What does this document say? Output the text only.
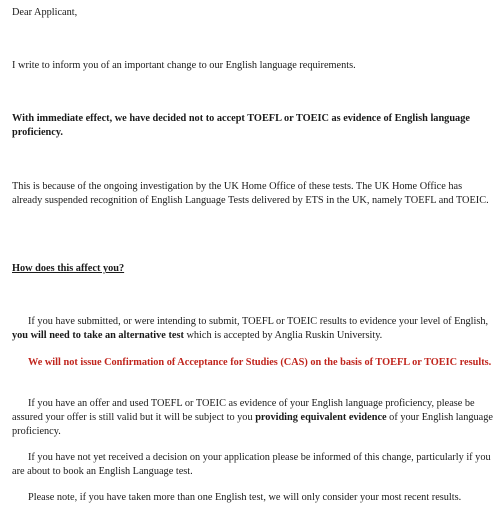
Dear Applicant,

I write to inform you of an important change to our English language requirements.

With immediate effect, we have decided not to accept TOEFL or TOEIC as evidence of English language proficiency.

This is because of the ongoing investigation by the UK Home Office of these tests. The UK Home Office has already suspended recognition of English Language Tests delivered by ETS in the UK, namely TOEFL and TOEIC.

How does this affect you?

If you have submitted, or were intending to submit, TOEFL or TOEIC results to evidence your level of English, you will need to take an alternative test which is accepted by Anglia Ruskin University.

We will not issue Confirmation of Acceptance for Studies (CAS) on the basis of TOEFL or TOEIC results.

If you have an offer and used TOEFL or TOEIC as evidence of your English language proficiency, please be assured your offer is still valid but it will be subject to you providing equivalent evidence of your English language proficiency.

If you have not yet received a decision on your application please be informed of this change, particularly if you are about to book an English Language test.

Please note, if you have taken more than one English test, we will only consider your most recent results.
